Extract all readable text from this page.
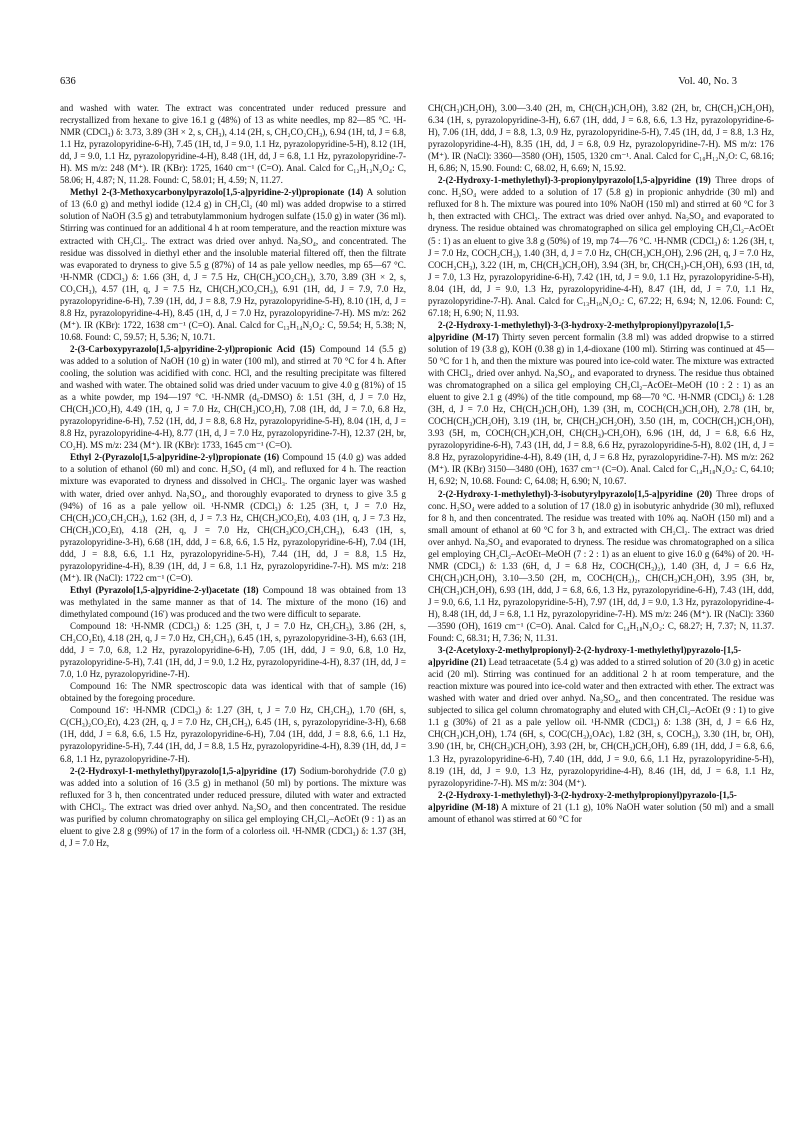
636	Vol. 40, No. 3

and washed with water. The extract was concentrated under reduced pressure and recrystallized from hexane to give 16.1 g (48%) of 13 as white needles, mp 82—85 °C. ¹H-NMR (CDCl₃) δ: 3.73, 3.89 (3H × 2, s, CH₃), 4.14 (2H, s, CH₂CO₂CH₃), 6.94 (1H, td, J = 6.8, 1.1 Hz, pyrazolopyridine-6-H), 7.45 (1H, td, J = 9.0, 1.1 Hz, pyrazolopyridine-5-H), 8.12 (1H, dd, J = 9.0, 1.1 Hz, pyrazolopyridine-4-H), 8.48 (1H, dd, J = 6.8, 1.1 Hz, pyrazolopyridine-7-H). MS m/z: 248 (M⁺). IR (KBr): 1725, 1640 cm⁻¹ (C=O). Anal. Calcd for C₁₂H₁₂N₂O₄: C, 58.06; H, 4.87; N, 11.28. Found: C, 58.01; H, 4.59; N, 11.27.

Methyl 2-(3-Methoxycarbonylpyrazolo[1,5-a]pyridine-2-yl)propionate (14) A solution of 13 (6.0 g) and methyl iodide (12.4 g) in CH₂Cl₂ (40 ml) was added dropwise to a stirred solution of NaOH (3.5 g) and tetrabutylammonium hydrogen sulfate (15.0 g) in water (36 ml). Stirring was continued for an additional 4 h at room temperature, and the reaction mixture was extracted with CH₂Cl₂. The extract was dried over anhyd. Na₂SO₄, and concentrated. The residue was dissolved in diethyl ether and the insoluble material filtered off, then the filtrate was evaporated to dryness to give 5.5 g (87%) of 14 as pale yellow needles, mp 65—67 °C. ¹H-NMR (CDCl₃) δ: 1.66 (3H, d, J = 7.5 Hz, CH(CH₃)CO₂CH₃), 3.70, 3.89 (3H × 2, s, CO₂CH₃), 4.57 (1H, q, J = 7.5 Hz, CH(CH₃)CO₂CH₃), 6.91 (1H, dd, J = 7.9, 7.0 Hz, pyrazolopyridine-6-H), 7.39 (1H, dd, J = 8.8, 7.9 Hz, pyrazolopyridine-5-H), 8.10 (1H, d, J = 8.8 Hz, pyrazolopyridine-4-H), 8.45 (1H, d, J = 7.0 Hz, pyrazolopyridine-7-H). MS m/z: 262 (M⁺). IR (KBr): 1722, 1638 cm⁻¹ (C=O). Anal. Calcd for C₁₃H₁₄N₂O₄: C, 59.54; H, 5.38; N, 10.68. Found: C, 59.57; H, 5.36; N, 10.71.

2-(3-Carboxypyrazolo[1,5-a]pyridine-2-yl)propionic Acid (15) Compound 14 (5.5 g) was added to a solution of NaOH (10 g) in water (100 ml), and stirred at 70 °C for 4 h. After cooling, the solution was acidified with conc. HCl, and the resulting precipitate was filtered and washed with water. The obtained solid was dried under vacuum to give 4.0 g (81%) of 15 as a white powder, mp 194—197 °C. ¹H-NMR (d₆-DMSO) δ: 1.51 (3H, d, J = 7.0 Hz, CH(CH₃)CO₂H), 4.49 (1H, q, J = 7.0 Hz, CH(CH₃)CO₂H), 7.08 (1H, dd, J = 7.0, 6.8 Hz, pyrazolopyridine-6-H), 7.52 (1H, dd, J = 8.8, 6.8 Hz, pyrazolopyridine-5-H), 8.04 (1H, d, J = 8.8 Hz, pyrazolopyridine-4-H), 8.77 (1H, d, J = 7.0 Hz, pyrazolopyridine-7-H), 12.37 (2H, br, CO₂H). MS m/z: 234 (M⁺). IR (KBr): 1733, 1645 cm⁻¹ (C=O).

Ethyl 2-(Pyrazolo[1,5-a]pyridine-2-yl)propionate (16) Compound 15 (4.0 g) was added to a solution of ethanol (60 ml) and conc. H₂SO₄ (4 ml), and refluxed for 4 h. The reaction mixture was evaporated to dryness and dissolved in CHCl₃. The organic layer was washed with water, dried over anhyd. Na₂SO₄, and thoroughly evaporated to dryness to give 3.5 g (94%) of 16 as a pale yellow oil. ¹H-NMR (CDCl₃) δ: 1.25 (3H, t, J = 7.0 Hz, CH(CH₃)CO₂CH₂CH₃), 1.62 (3H, d, J = 7.3 Hz, CH(CH₃)CO₂Et), 4.03 (1H, q, J = 7.3 Hz, CH(CH₃)CO₂Et), 4.18 (2H, q, J = 7.0 Hz, CH(CH₃)CO₂CH₂CH₃), 6.43 (1H, s, pyrazolopyridine-3-H), 6.68 (1H, ddd, J = 6.8, 6.6, 1.5 Hz, pyrazolopyridine-6-H), 7.04 (1H, ddd, J = 8.8, 6.6, 1.1 Hz, pyrazolopyridine-5-H), 7.44 (1H, dd, J = 8.8, 1.5 Hz, pyrazolopyridine-4-H), 8.39 (1H, dd, J = 6.8, 1.1 Hz, pyrazolopyridine-7-H). MS m/z: 218 (M⁺). IR (NaCl): 1722 cm⁻¹ (C=O).

Ethyl (Pyrazolo[1,5-a]pyridine-2-yl)acetate (18) Compound 18 was obtained from 13 was methylated in the same manner as that of 14. The mixture of the mono (16) and dimethylated compound (16′) was produced and the two were difficult to separate.

Compound 18: ¹H-NMR (CDCl₃) δ: 1.25 (3H, t, J = 7.0 Hz, CH₂CH₃), 3.86 (2H, s, CH₂CO₂Et), 4.18 (2H, q, J = 7.0 Hz, CH₂CH₃), 6.45 (1H, s, pyrazolopyridine-3-H), 6.63 (1H, ddd, J = 7.0, 6.8, 1.2 Hz, pyrazolopyridine-6-H), 7.05 (1H, ddd, J = 9.0, 6.8, 1.0 Hz, pyrazolopyridine-5-H), 7.41 (1H, dd, J = 9.0, 1.2 Hz, pyrazolopyridine-4-H), 8.37 (1H, dd, J = 7.0, 1.0 Hz, pyrazolopyridine-7-H).

Compound 16: The NMR spectroscopic data was identical with that of sample (16) obtained by the foregoing procedure.

Compound 16′: ¹H-NMR (CDCl₃) δ: 1.27 (3H, t, J = 7.0 Hz, CH₂CH₃), 1.70 (6H, s, C(CH₃)₂CO₂Et), 4.23 (2H, q, J = 7.0 Hz, CH₂CH₃), 6.45 (1H, s, pyrazolopyridine-3-H), 6.68 (1H, ddd, J = 6.8, 6.6, 1.5 Hz, pyrazolopyridine-6-H), 7.04 (1H, ddd, J = 8.8, 6.6, 1.1 Hz, pyrazolopyridine-5-H), 7.44 (1H, dd, J = 8.8, 1.5 Hz, pyrazolopyridine-4-H), 8.39 (1H, dd, J = 6.8, 1.1 Hz, pyrazolopyridine-7-H).

2-(2-Hydroxyl-1-methylethyl)pyrazolo[1,5-a]pyridine (17) Sodium-borohydride (7.0 g) was added into a solution of 16 (3.5 g) in methanol (50 ml) by portions. The mixture was refluxed for 3 h, then concentrated under reduced pressure, diluted with water and extracted with CHCl₃. The extract was dried over anhyd. Na₂SO₄ and then concentrated. The residue was purified by column chromatography on silica gel employing CH₂Cl₂–AcOEt (9 : 1) as an eluent to give 2.8 g (99%) of 17 in the form of a colorless oil. ¹H-NMR (CDCl₃) δ: 1.37 (3H, d, J = 7.0 Hz,

CH(CH₃)CH₂OH), 3.00—3.40 (2H, m, CH(CH₃)CH₂OH), 3.82 (2H, br, CH(CH₃)CH₂OH), 6.34 (1H, s, pyrazolopyridine-3-H), 6.67 (1H, ddd, J = 6.8, 6.6, 1.3 Hz, pyrazolopyridine-6-H), 7.06 (1H, ddd, J = 8.8, 1.3, 0.9 Hz, pyrazolopyridine-5-H), 7.45 (1H, dd, J = 8.8, 1.3 Hz, pyrazolopyridine-4-H), 8.35 (1H, dd, J = 6.8, 0.9 Hz, pyrazolopyridine-7-H). MS m/z: 176 (M⁺). IR (NaCl): 3360—3580 (OH), 1505, 1320 cm⁻¹. Anal. Calcd for C₁₀H₁₂N₂O: C, 68.16; H, 6.86; N, 15.90. Found: C, 68.02, H, 6.69; N, 15.92.

2-(2-Hydroxy-1-methylethyl)-3-propionylpyrazolo[1,5-a]pyridine (19) Three drops of conc. H₂SO₄ were added to a solution of 17 (5.8 g) in propionic anhydride (30 ml) and refluxed for 8 h. The mixture was poured into 10% NaOH (150 ml) and stirred at 60 °C for 3 h, then extracted with CHCl₃. The extract was dried over anhyd. Na₂SO₄ and evaporated to dryness. The residue obtained was chromatographed on silica gel employing CH₂Cl₂–AcOEt (5 : 1) as an eluent to give 3.8 g (50%) of 19, mp 74—76 °C. ¹H-NMR (CDCl₃) δ: 1.26 (3H, t, J = 7.0 Hz, COCH₂CH₃), 1.40 (3H, d, J = 7.0 Hz, CH(CH₃)CH₂OH), 2.96 (2H, q, J = 7.0 Hz, COCH₂CH₃), 3.22 (1H, m, CH(CH₃)CH₂OH), 3.94 (3H, br, CH(CH₃)-CH₂OH), 6.93 (1H, td, J = 7.0, 1.3 Hz, pyrazolopyridine-6-H), 7.42 (1H, td, J = 9.0, 1.1 Hz, pyrazolopyridine-5-H), 8.04 (1H, dd, J = 9.0, 1.3 Hz, pyrazolopyridine-4-H), 8.47 (1H, dd, J = 7.0, 1.1 Hz, pyrazolopyridine-7-H). Anal. Calcd for C₁₃H₁₆N₂O₂: C, 67.22; H, 6.94; N, 12.06. Found: C, 67.18; H, 6.90; N, 11.93.

2-(2-Hydroxy-1-methylethyl)-3-(3-hydroxy-2-methylpropionyl)pyrazolo[1,5-a]pyridine (M-17) Thirty seven percent formalin (3.8 ml) was added dropwise to a stirred solution of 19 (3.8 g), KOH (0.38 g) in 1,4-dioxane (100 ml). Stirring was continued at 45—50 °C for 1 h, and then the mixture was poured into ice-cold water. The mixture was extracted with CHCl₃, dried over anhyd. Na₂SO₄, and evaporated to dryness. The residue thus obtained was chromatographed on a silica gel employing CH₂Cl₂–AcOEt–MeOH (10 : 2 : 1) as an eluent to give 2.1 g (49%) of the title compound, mp 68—70 °C. ¹H-NMR (CDCl₃) δ: 1.28 (3H, d, J = 7.0 Hz, CH(CH₃)CH₂OH), 1.39 (3H, m, COCH(CH₃)CH₂OH), 2.78 (1H, br, COCH(CH₃)CH₂OH), 3.19 (1H, br, CH(CH₃)CH₂OH), 3.50 (1H, m, COCH(CH₃)CH₂OH), 3.93 (5H, m, COCH(CH₃)CH₂OH, CH(CH₃)-CH₂OH), 6.96 (1H, dd, J = 6.8, 6.6 Hz, pyrazolopyridine-6-H), 7.43 (1H, dd, J = 8.8, 6.6 Hz, pyrazolopyridine-5-H), 8.02 (1H, d, J = 8.8 Hz, pyrazolopyridine-4-H), 8.49 (1H, d, J = 6.8 Hz, pyrazolopyridine-7-H). MS m/z: 262 (M⁺). IR (KBr) 3150—3480 (OH), 1637 cm⁻¹ (C=O). Anal. Calcd for C₁₄H₁₈N₂O₃: C, 64.10; H, 6.92; N, 10.68. Found: C, 64.08; H, 6.90; N, 10.67.

2-(2-Hydroxy-1-methylethyl)-3-isobutyrylpyrazolo[1,5-a]pyridine (20) Three drops of conc. H₂SO₄ were added to a solution of 17 (18.0 g) in isobutyric anhydride (30 ml), refluxed for 8 h, and then concentrated. The residue was treated with 10% aq. NaOH (150 ml) and a small amount of ethanol at 60 °C for 3 h, and extracted with CH₂Cl₂. The extract was dried over anhyd. Na₂SO₄ and evaporated to dryness. The residue was chromatographed on a silica gel employing CH₂Cl₂–AcOEt–MeOH (7 : 2 : 1) as an eluent to give 16.0 g (64%) of 20. ¹H-NMR (CDCl₃) δ: 1.33 (6H, d, J = 6.8 Hz, COCH(CH₃)₂), 1.40 (3H, d, J = 6.6 Hz, CH(CH₃)CH₂OH), 3.10—3.50 (2H, m, COCH(CH₃)₂, CH(CH₃)CH₂OH), 3.95 (3H, br, CH(CH₃)CH₂OH), 6.93 (1H, ddd, J = 6.8, 6.6, 1.3 Hz, pyrazolopyridine-6-H), 7.43 (1H, ddd, J = 9.0, 6.6, 1.1 Hz, pyrazolopyridine-5-H), 7.97 (1H, dd, J = 9.0, 1.3 Hz, pyrazolopyridine-4-H), 8.48 (1H, dd, J = 6.8, 1.1 Hz, pyrazolopyridine-7-H). MS m/z: 246 (M⁺). IR (NaCl): 3360—3590 (OH), 1619 cm⁻¹ (C=O). Anal. Calcd for C₁₄H₁₈N₂O₂: C, 68.27; H, 7.37; N, 11.37. Found: C, 68.31; H, 7.36; N, 11.31.

3-(2-Acetyloxy-2-methylpropionyl)-2-(2-hydroxy-1-methylethyl)pyrazolo-[1,5-a]pyridine (21) Lead tetraacetate (5.4 g) was added to a stirred solution of 20 (3.0 g) in acetic acid (20 ml). Stirring was continued for an additional 2 h at room temperature, and the reaction mixture was poured into ice-cold water and then extracted with ether. The extract was washed with water and dried over anhyd. Na₂SO₄, and then concentrated. The residue was subjected to silica gel column chromatography and eluted with CH₂Cl₂–AcOEt (9 : 1) to give 1.1 g (30%) of 21 as a pale yellow oil. ¹H-NMR (CDCl₃) δ: 1.38 (3H, d, J = 6.6 Hz, CH(CH₃)CH₂OH), 1.74 (6H, s, COC(CH₃)₂OAc), 1.82 (3H, s, COCH₃), 3.30 (1H, br, OH), 3.90 (1H, br, CH(CH₃)CH₂OH), 3.93 (2H, br, CH(CH₃)CH₂OH), 6.89 (1H, ddd, J = 6.8, 6.6, 1.3 Hz, pyrazolopyridine-6-H), 7.40 (1H, ddd, J = 9.0, 6.6, 1.1 Hz, pyrazolopyridine-5-H), 8.19 (1H, dd, J = 9.0, 1.3 Hz, pyrazolopyridine-4-H), 8.46 (1H, dd, J = 6.8, 1.1 Hz, pyrazolopyridine-7-H). MS m/z: 304 (M⁺).

2-(2-Hydroxy-1-methylethyl)-3-(2-hydroxy-2-methylpropionyl)pyrazolo-[1,5-a]pyridine (M-18) A mixture of 21 (1.1 g), 10% NaOH water solution (50 ml) and a small amount of ethanol was stirred at 60 °C for
